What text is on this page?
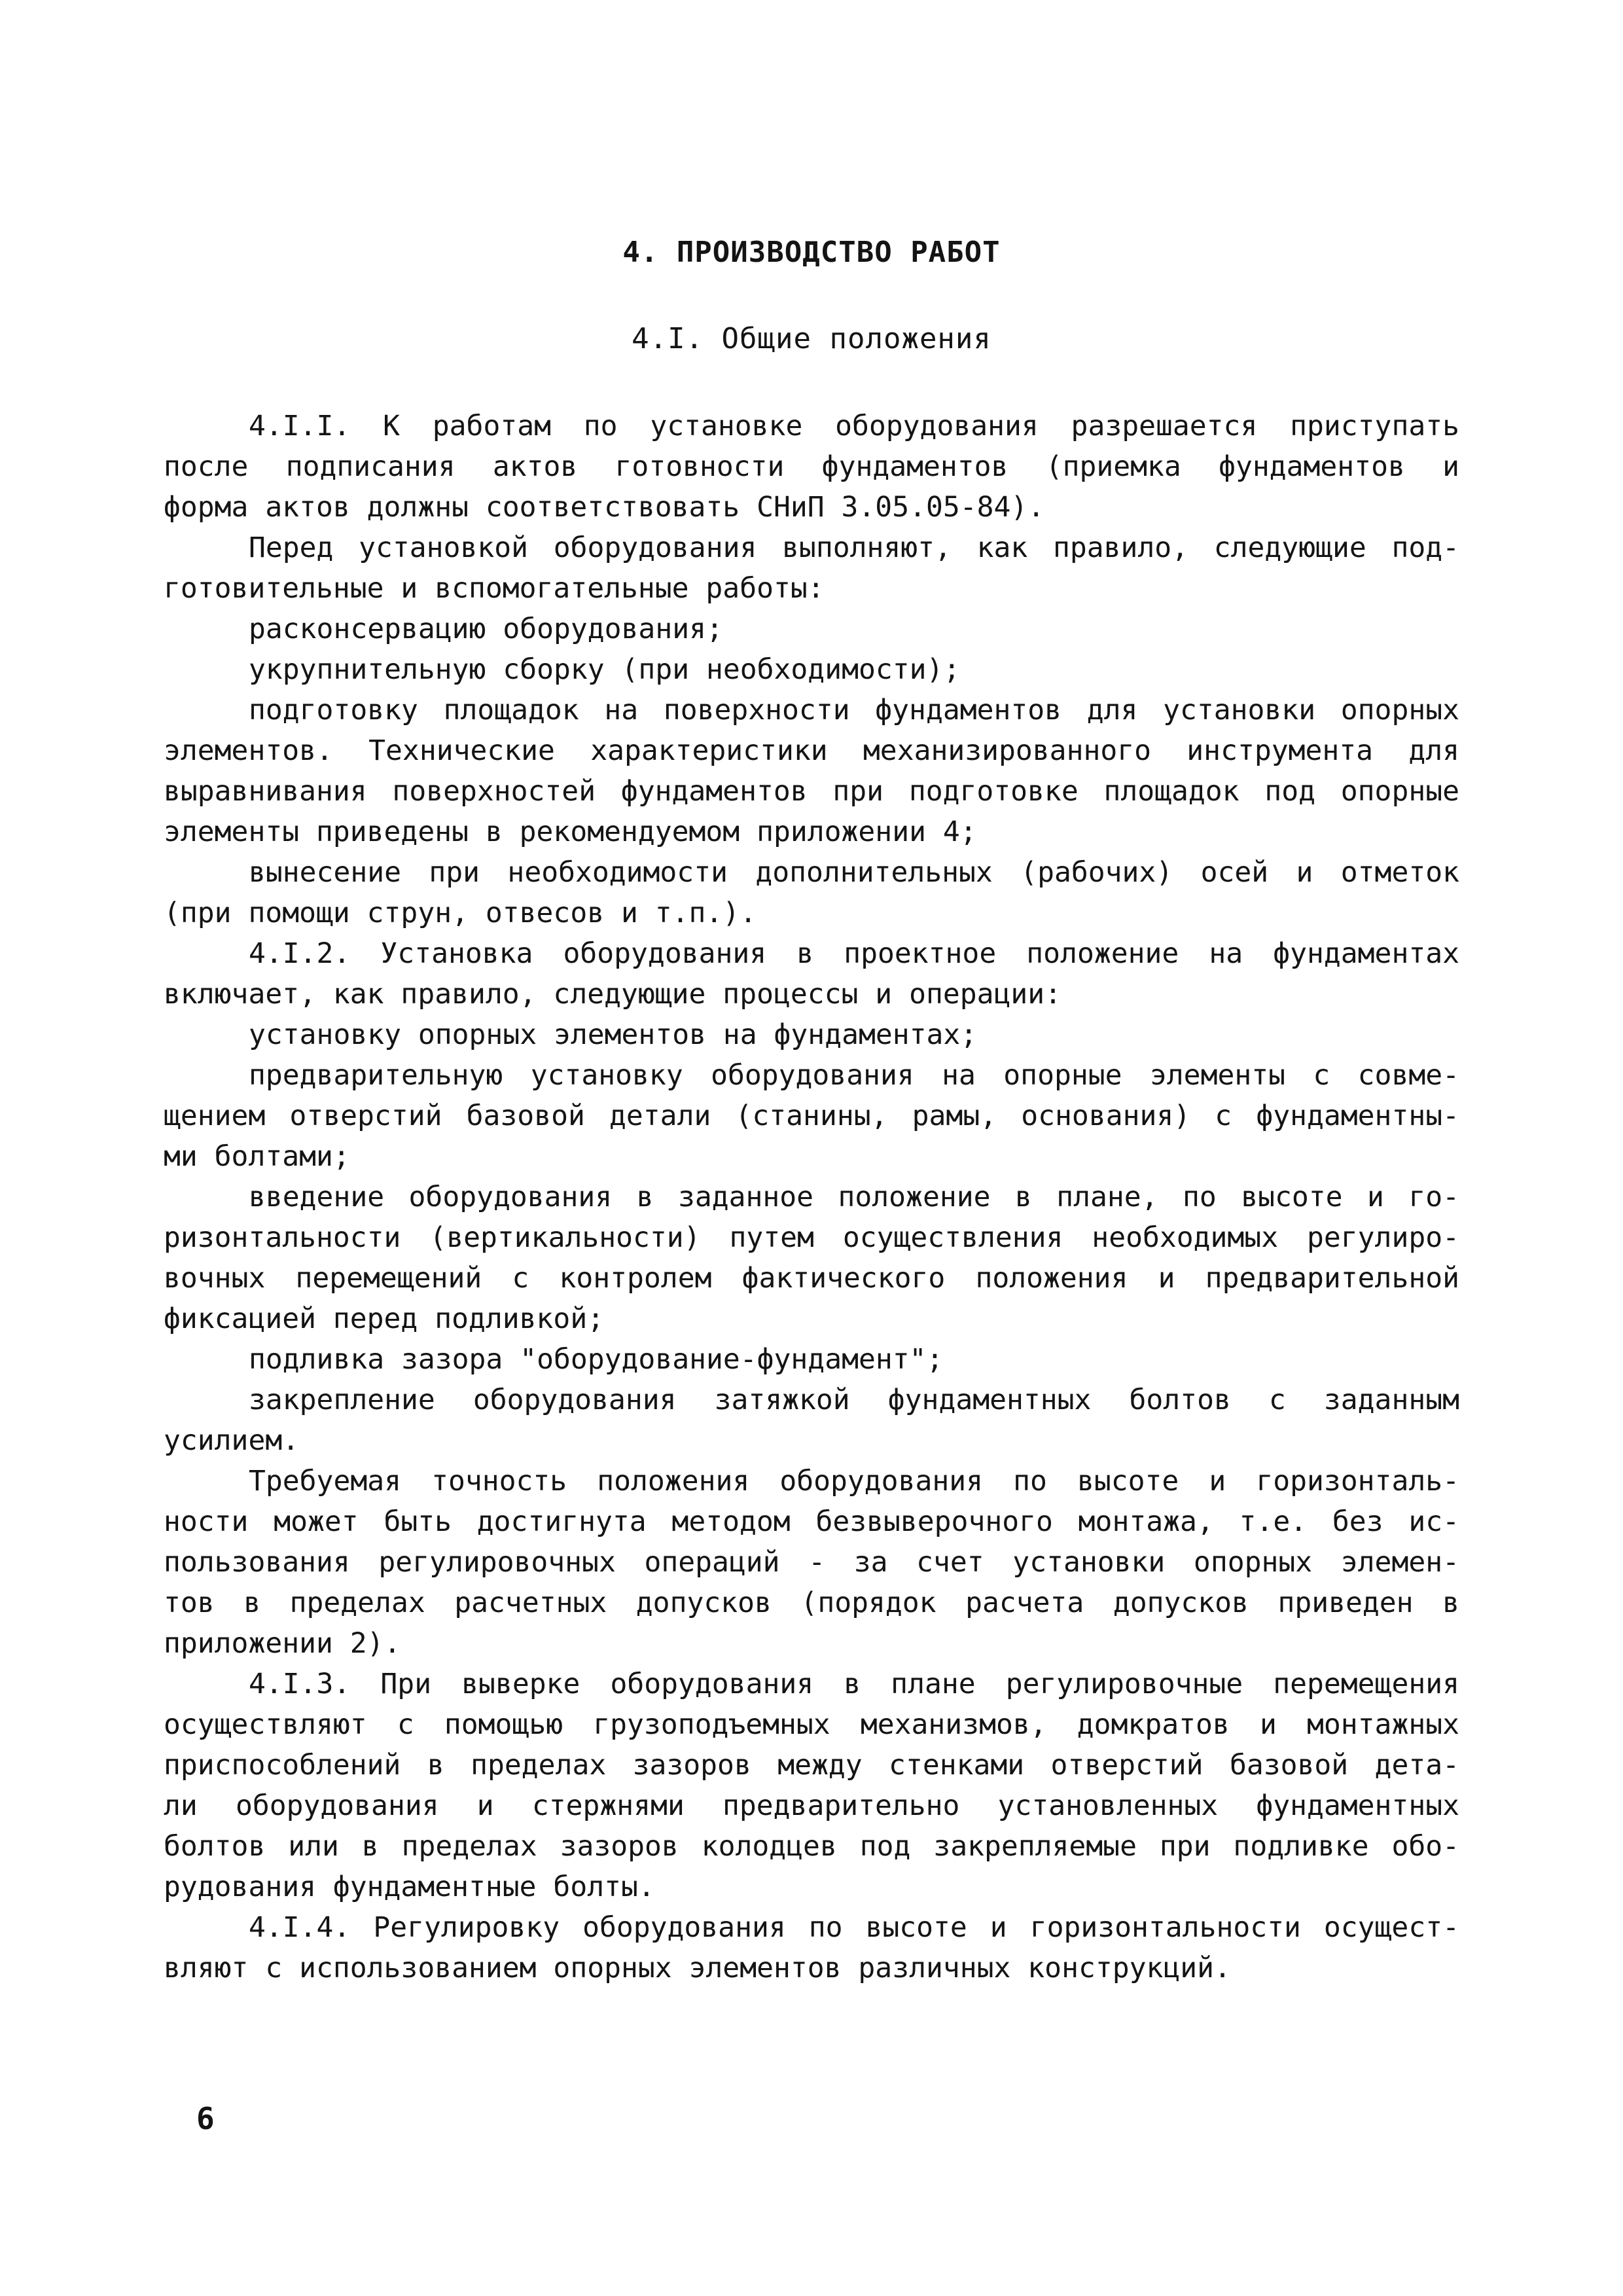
4. ПРОИЗВОДСТВО РАБОТ
4.I. Общие положения
4.I.I. К работам по установке оборудования разрешается приступать
после подписания актов готовности фундаментов (приемка фундаментов и
форма актов должны соответствовать СНиП 3.05.05-84).
Перед установкой оборудования выполняют, как правило, следующие под-
готовительные и вспомогательные работы:
расконсервацию оборудования;
укрупнительную сборку (при необходимости);
подготовку площадок на поверхности фундаментов для установки опорных
элементов. Технические характеристики механизированного инструмента для
выравнивания поверхностей фундаментов при подготовке площадок под опорные
элементы приведены в рекомендуемом приложении 4;
вынесение при необходимости дополнительных (рабочих) осей и отметок
(при помощи струн, отвесов и т.п.).
4.I.2. Установка оборудования в проектное положение на фундаментах
включает, как правило, следующие процессы и операции:
установку опорных элементов на фундаментах;
предварительную установку оборудования на опорные элементы с совме-
щением отверстий базовой детали (станины, рамы, основания) с фундаментны-
ми болтами;
введение оборудования в заданное положение в плане, по высоте и го-
ризонтальности (вертикальности) путем осуществления необходимых регулиро-
вочных перемещений с контролем фактического положения и предварительной
фиксацией перед подливкой;
подливка зазора "оборудование-фундамент";
закрепление оборудования затяжкой фундаментных болтов с заданным
усилием.
Требуемая точность положения оборудования по высоте и горизонталь-
ности может быть достигнута методом безвыверочного монтажа, т.е. без ис-
пользования регулировочных операций - за счет установки опорных элемен-
тов в пределах расчетных допусков (порядок расчета допусков приведен в
приложении 2).
4.I.3. При выверке оборудования в плане регулировочные перемещения
осуществляют с помощью грузоподъемных механизмов, домкратов и монтажных
приспособлений в пределах зазоров между стенками отверстий базовой дета-
ли оборудования и стержнями предварительно установленных фундаментных
болтов или в пределах зазоров колодцев под закрепляемые при подливке обо-
рудования фундаментные болты.
4.I.4. Регулировку оборудования по высоте и горизонтальности осущест-
вляют с использованием опорных элементов различных конструкций.
6
